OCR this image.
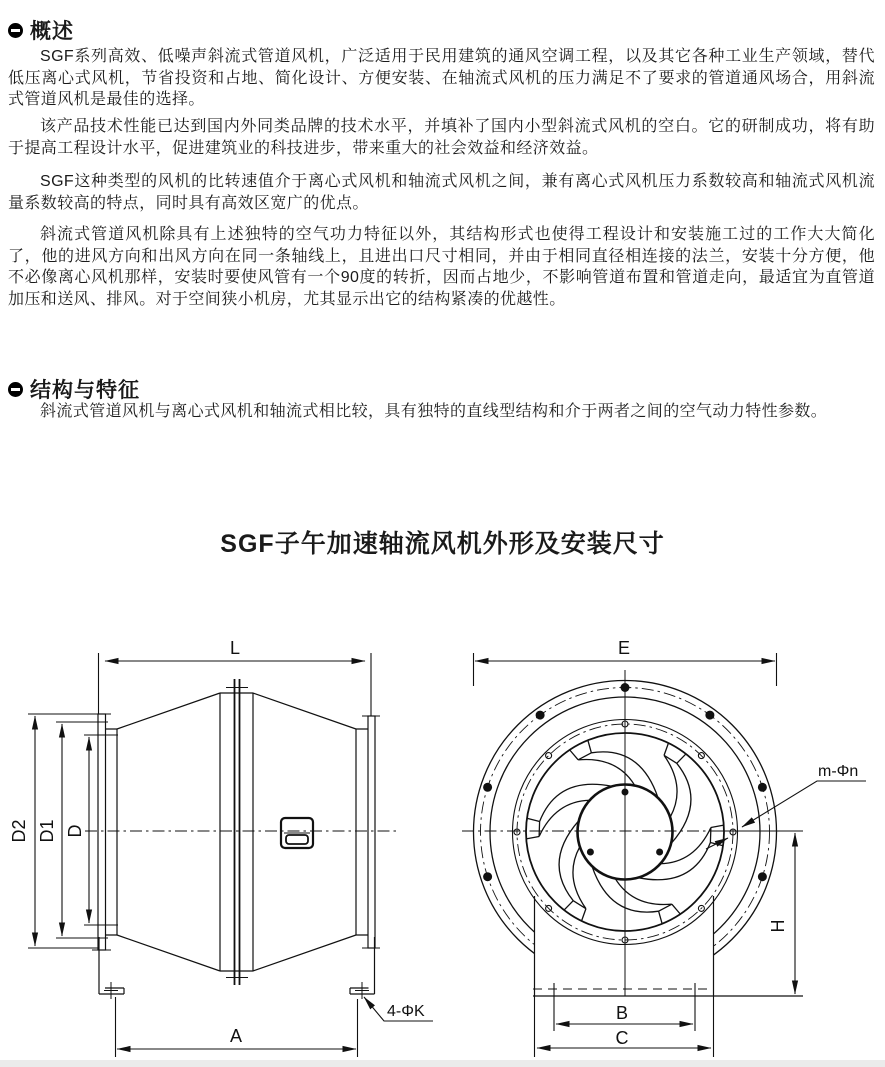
概述

SGF系列高效、低噪声斜流式管道风机，广泛适用于民用建筑的通风空调工程，以及其它各种工业生产领域，替代低压离心式风机，节省投资和占地、简化设计、方便安装、在轴流式风机的压力满足不了要求的管道通风场合，用斜流式管道风机是最佳的选择。

该产品技术性能已达到国内外同类品牌的技术水平，并填补了国内小型斜流式风机的空白。它的研制成功，将有助于提高工程设计水平，促进建筑业的科技进步，带来重大的社会效益和经济效益。

SGF这种类型的风机的比转速值介于离心式风机和轴流式风机之间，兼有离心式风机压力系数较高和轴流式风机流量系数较高的特点，同时具有高效区宽广的优点。

斜流式管道风机除具有上述独特的空气功力特征以外，其结构形式也使得工程设计和安装施工过的工作大大简化了，他的进风方向和出风方向在同一条轴线上，且进出口尺寸相同，并由于相同直径相连接的法兰，安装十分方便，他不必像离心风机那样，安装时要使风管有一个90度的转折，因而占地少，不影响管道布置和管道走向，最适宜为直管道加压和送风、排风。对于空间狭小机房，尤其显示出它的结构紧凑的优越性。

结构与特征

斜流式管道风机与离心式风机和轴流式相比较，具有独特的直线型结构和介于两者之间的空气动力特性参数。

SGF子午加速轴流风机外形及安装尺寸
L
D
D1
D2
A
4-ΦK
E
m-Φn
H
B
C
